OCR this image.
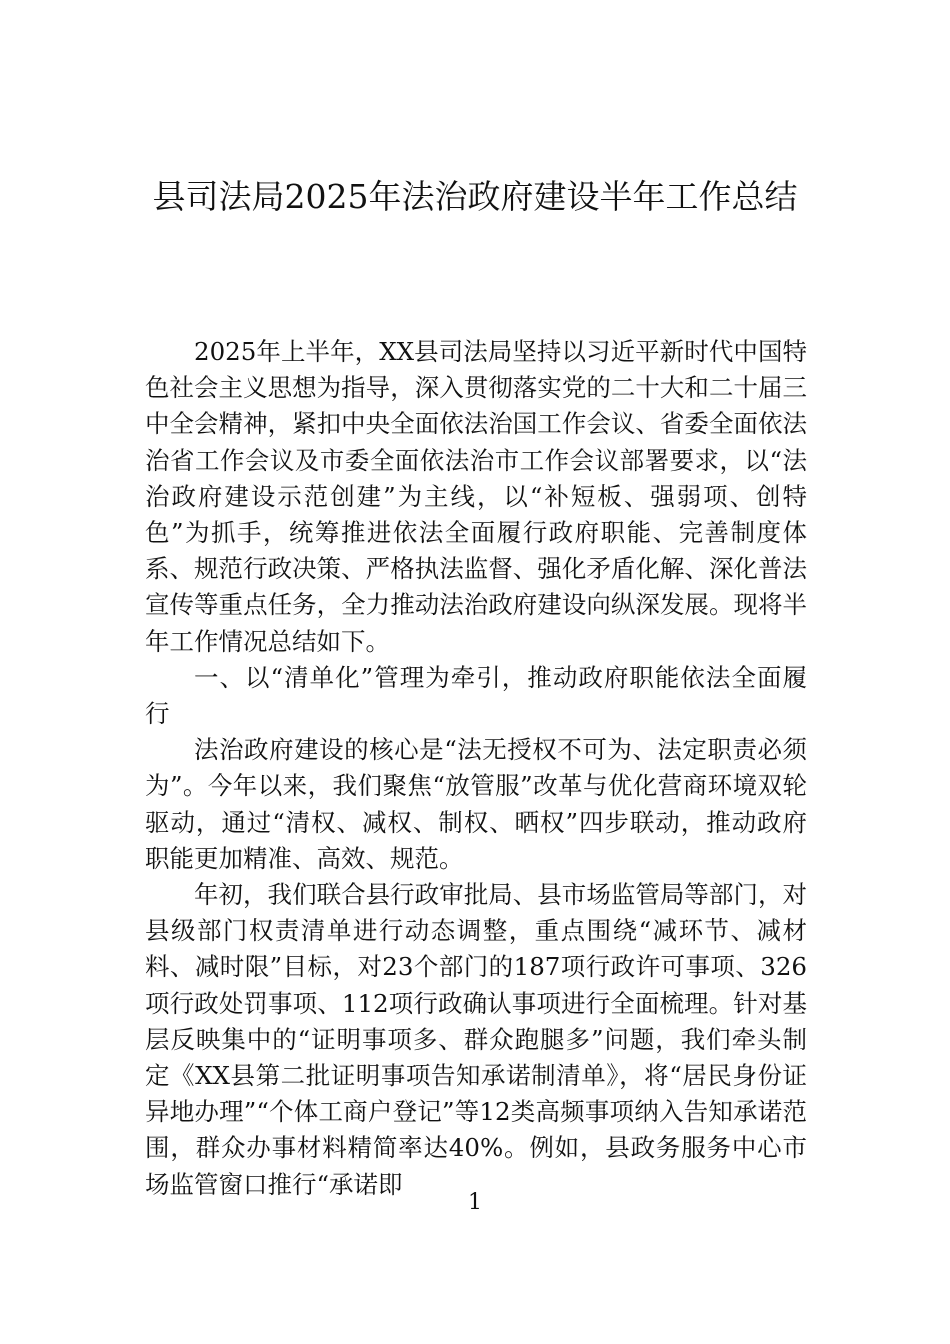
县司法局2025年法治政府建设半年工作总结

2025年上半年，XX县司法局坚持以习近平新时代中国特色社会主义思想为指导，深入贯彻落实党的二十大和二十届三中全会精神，紧扣中央全面依法治国工作会议、省委全面依法治省工作会议及市委全面依法治市工作会议部署要求，以“法治政府建设示范创建”为主线，以“补短板、强弱项、创特色”为抓手，统筹推进依法全面履行政府职能、完善制度体系、规范行政决策、严格执法监督、强化矛盾化解、深化普法宣传等重点任务，全力推动法治政府建设向纵深发展。现将半年工作情况总结如下。

一、以“清单化”管理为牵引，推动政府职能依法全面履行

法治政府建设的核心是“法无授权不可为、法定职责必须为”。今年以来，我们聚焦“放管服”改革与优化营商环境双轮驱动，通过“清权、减权、制权、晒权”四步联动，推动政府职能更加精准、高效、规范。

年初，我们联合县行政审批局、县市场监管局等部门，对县级部门权责清单进行动态调整，重点围绕“减环节、减材料、减时限”目标，对23个部门的187项行政许可事项、326项行政处罚事项、112项行政确认事项进行全面梳理。针对基层反映集中的“证明事项多、群众跑腿多”问题，我们牵头制定《XX县第二批证明事项告知承诺制清单》，将“居民身份证异地办理”“个体工商户登记”等12类高频事项纳入告知承诺范围，群众办事材料精简率达40%。例如，县政务服务中心市场监管窗口推行“承诺即

1
